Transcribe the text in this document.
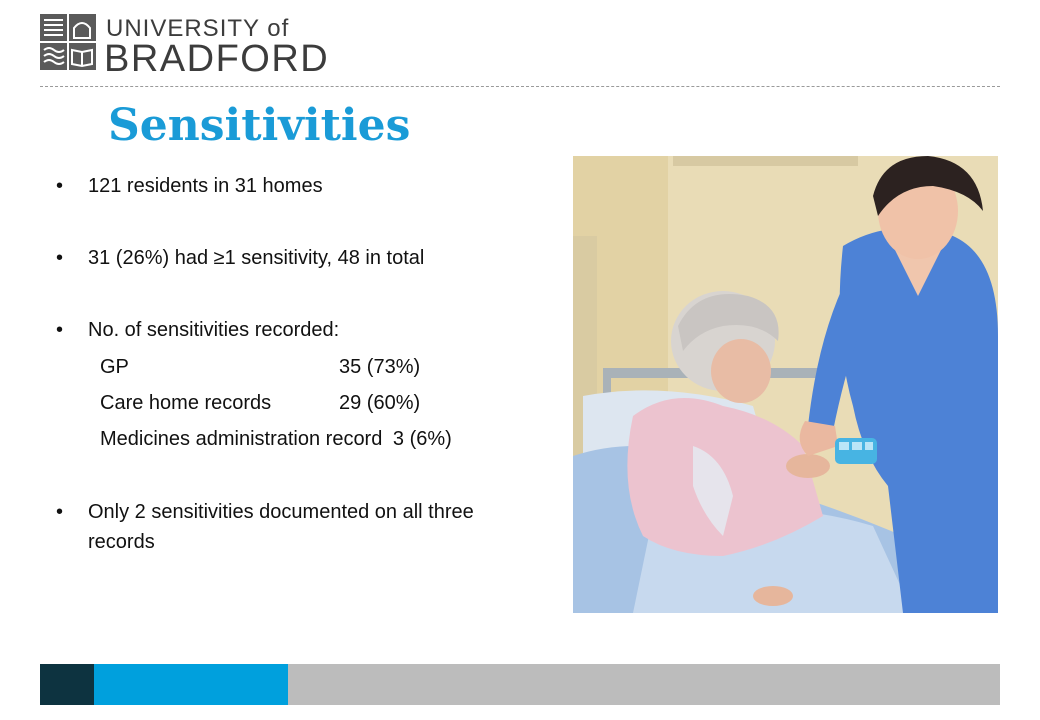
UNIVERSITY of
BRADFORD
Sensitivities
• 121 residents in 31 homes
• 31 (26%) had ≥1 sensitivity, 48 in total
• No. of sensitivities recorded:
GP	35 (73%)
Care home records	29 (60%)
Medicines administration record 3 (6%)
• Only 2 sensitivities documented on all three records
